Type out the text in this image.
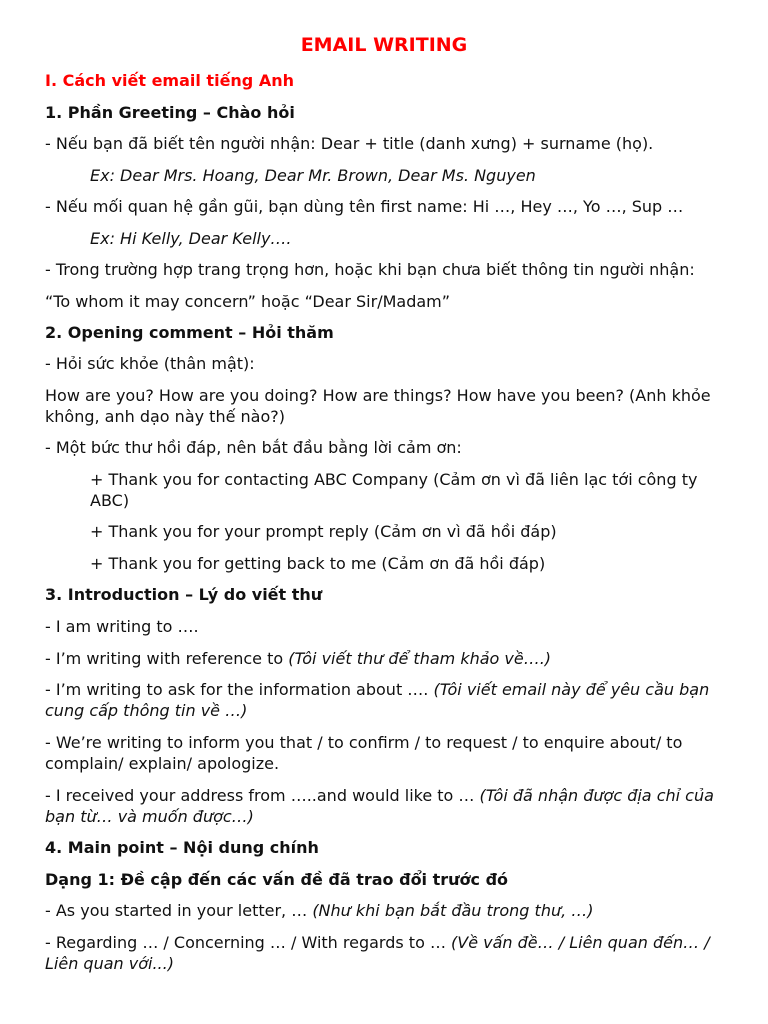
EMAIL WRITING
I. Cách viết email tiếng Anh
1. Phần Greeting – Chào hỏi
- Nếu bạn đã biết tên người nhận: Dear + title (danh xưng) + surname (họ).
Ex: Dear Mrs. Hoang, Dear Mr. Brown, Dear Ms. Nguyen
- Nếu mối quan hệ gần gũi, bạn dùng tên first name: Hi …, Hey …, Yo …, Sup …
Ex: Hi Kelly, Dear Kelly….
- Trong trường hợp trang trọng hơn, hoặc khi bạn chưa biết thông tin người nhận:
“To whom it may concern” hoặc “Dear Sir/Madam”
2. Opening comment – Hỏi thăm
- Hỏi sức khỏe (thân mật):
How are you? How are you doing? How are things? How have you been? (Anh khỏe không, anh dạo này thế nào?)
- Một bức thư hồi đáp, nên bắt đầu bằng lời cảm ơn:
+ Thank you for contacting ABC Company (Cảm ơn vì đã liên lạc tới công ty ABC)
+ Thank you for your prompt reply (Cảm ơn vì đã hồi đáp)
+ Thank you for getting back to me (Cảm ơn đã hồi đáp)
3. Introduction – Lý do viết thư
- I am writing to ….
- I’m writing with reference to (Tôi viết thư để tham khảo về….)
- I’m writing to ask for the information about …. (Tôi viết email này để yêu cầu bạn cung cấp thông tin về …)
- We’re writing to inform you that / to confirm / to request / to enquire about/ to complain/ explain/ apologize.
- I received your address from …..and would like to … (Tôi đã nhận được địa chỉ của bạn từ… và muốn được…)
4. Main point – Nội dung chính
Dạng 1: Đề cập đến các vấn đề đã trao đổi trước đó
- As you started in your letter, … (Như khi bạn bắt đầu trong thư, …)
- Regarding … / Concerning … / With regards to … (Về vấn đề… / Liên quan đến… / Liên quan với...)
